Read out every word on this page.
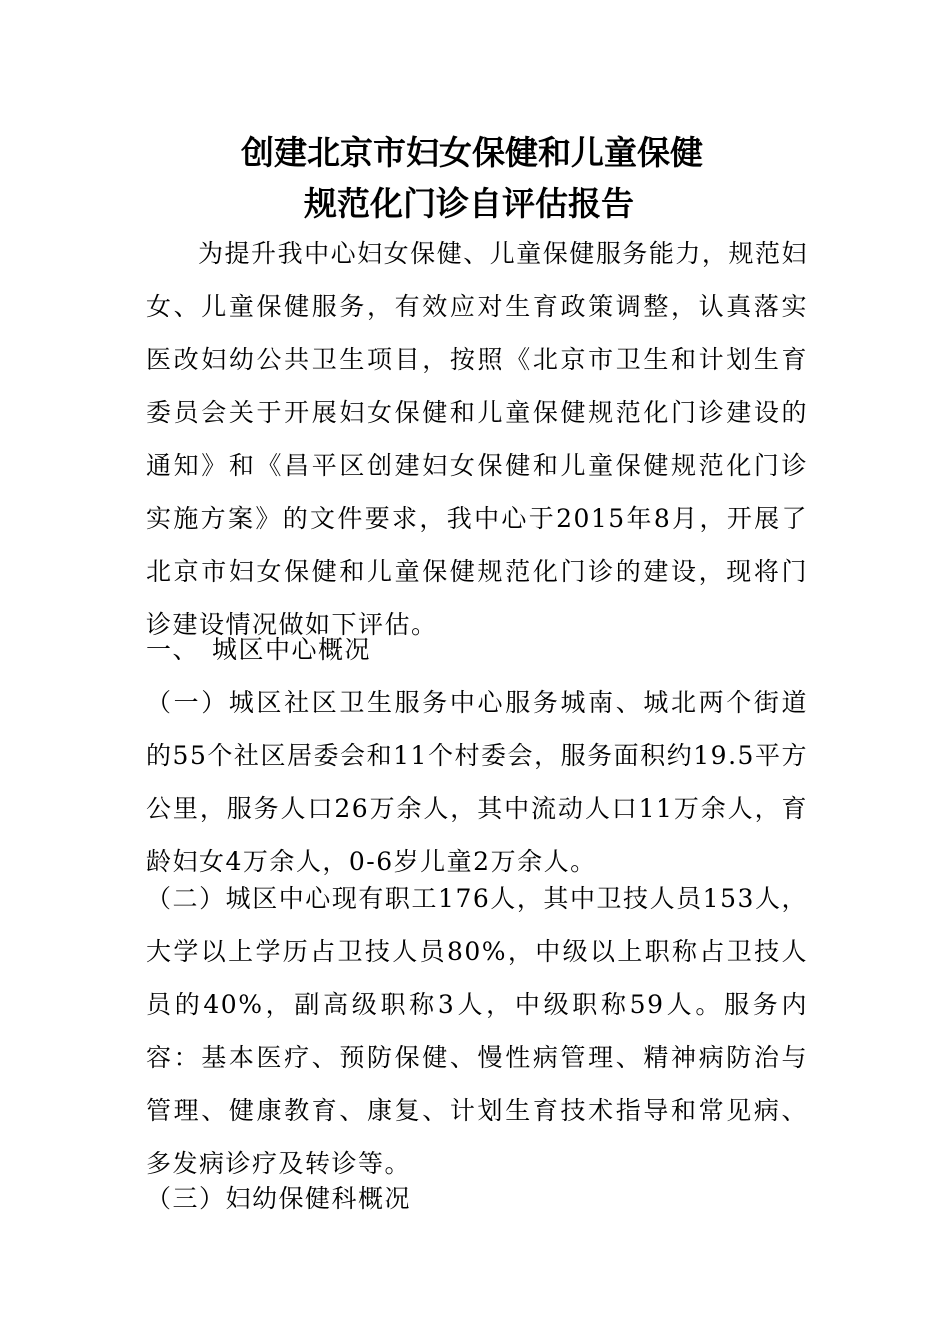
创建北京市妇女保健和儿童保健
规范化门诊自评估报告

为提升我中心妇女保健、儿童保健服务能力，规范妇女、儿童保健服务，有效应对生育政策调整，认真落实医改妇幼公共卫生项目，按照《北京市卫生和计划生育委员会关于开展妇女保健和儿童保健规范化门诊建设的通知》和《昌平区创建妇女保健和儿童保健规范化门诊实施方案》的文件要求，我中心于2015年8月，开展了北京市妇女保健和儿童保健规范化门诊的建设，现将门诊建设情况做如下评估。

一、 城区中心概况

（一）城区社区卫生服务中心服务城南、城北两个街道的55个社区居委会和11个村委会，服务面积约19.5平方公里，服务人口26万余人，其中流动人口11万余人，育龄妇女4万余人，0-6岁儿童2万余人。

（二）城区中心现有职工176人，其中卫技人员153人，大学以上学历占卫技人员80%，中级以上职称占卫技人员的40%，副高级职称3人，中级职称59人。服务内容：基本医疗、预防保健、慢性病管理、精神病防治与管理、健康教育、康复、计划生育技术指导和常见病、多发病诊疗及转诊等。

（三）妇幼保健科概况
